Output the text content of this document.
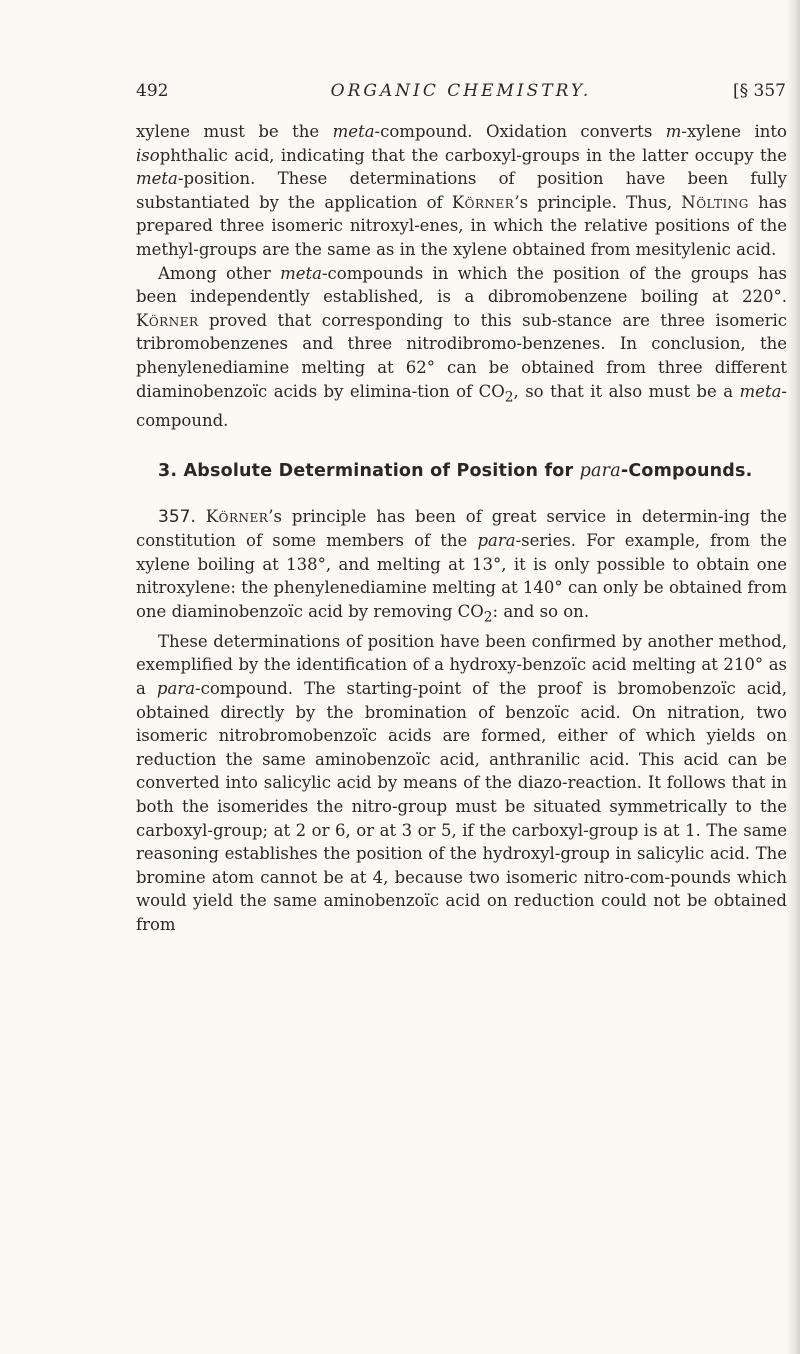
492	ORGANIC CHEMISTRY.	[§ 357

xylene must be the meta-compound. Oxidation converts m-xylene into isophthalic acid, indicating that the carboxyl-groups in the latter occupy the meta-position. These determinations of position have been fully substantiated by the application of Körner’s principle. Thus, Nölting has prepared three isomeric nitroxyl-enes, in which the relative positions of the methyl-groups are the same as in the xylene obtained from mesitylenic acid.

Among other meta-compounds in which the position of the groups has been independently established, is a dibromobenzene boiling at 220°. Körner proved that corresponding to this sub-stance are three isomeric tribromobenzenes and three nitrodibromo-benzenes. In conclusion, the phenylenediamine melting at 62° can be obtained from three different diaminobenzoïc acids by elimina-tion of $CO_2$, so that it also must be a meta-compound.

3. Absolute Determination of Position for para-Compounds.

357. Körner’s principle has been of great service in determin-ing the constitution of some members of the para-series. For example, from the xylene boiling at 138°, and melting at 13°, it is only possible to obtain one nitroxylene: the phenylenediamine melting at 140° can only be obtained from one diaminobenzoïc acid by removing $CO_2$: and so on.

These determinations of position have been confirmed by another method, exemplified by the identification of a hydroxy-benzoïc acid melting at 210° as a para-compound. The starting-point of the proof is bromobenzoïc acid, obtained directly by the bromination of benzoïc acid. On nitration, two isomeric nitrobromobenzoïc acids are formed, either of which yields on reduction the same aminobenzoïc acid, anthranilic acid. This acid can be converted into salicylic acid by means of the diazo-reaction. It follows that in both the isomerides the nitro-group must be situated symmetrically to the carboxyl-group; at 2 or 6, or at 3 or 5, if the carboxyl-group is at 1. The same reasoning establishes the position of the hydroxyl-group in salicylic acid. The bromine atom cannot be at 4, because two isomeric nitro-com-pounds which would yield the same aminobenzoïc acid on reduction could not be obtained from
